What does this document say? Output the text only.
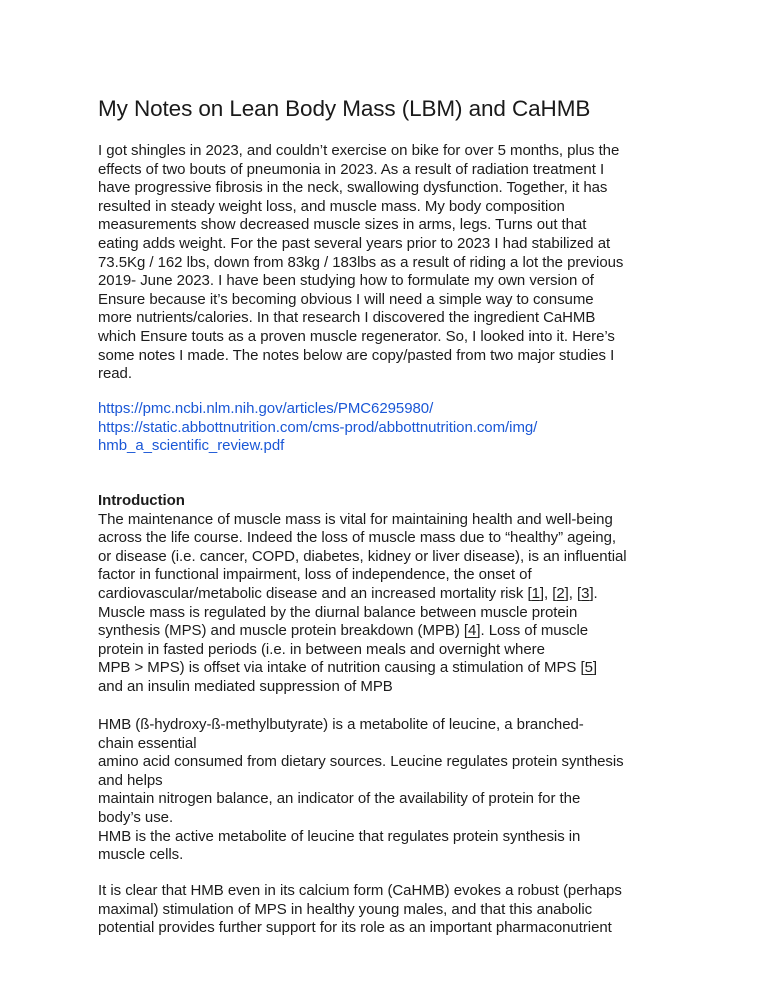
My Notes on Lean Body Mass (LBM) and CaHMB
I got shingles in 2023, and couldn’t exercise on bike for over 5 months, plus the
effects of two bouts of pneumonia in 2023. As a result of radiation treatment I
have progressive fibrosis in the neck, swallowing dysfunction. Together, it has
resulted in steady weight loss, and muscle mass. My body composition
measurements show decreased muscle sizes in arms, legs. Turns out that
eating adds weight. For the past several years prior to 2023 I had stabilized at
73.5Kg / 162 lbs, down from 83kg / 183lbs as a result of riding a lot the previous
2019- June 2023. I have been studying how to formulate my own version of
Ensure because it’s becoming obvious I will need a simple way to consume
more nutrients/calories. In that research I discovered the ingredient CaHMB
which Ensure touts as a proven muscle regenerator. So, I looked into it. Here’s
some notes I made. The notes below are copy/pasted from two major studies I
read.
https://pmc.ncbi.nlm.nih.gov/articles/PMC6295980/
https://static.abbottnutrition.com/cms-prod/abbottnutrition.com/img/
hmb_a_scientific_review.pdf
Introduction
The maintenance of muscle mass is vital for maintaining health and well-being
across the life course. Indeed the loss of muscle mass due to “healthy” ageing,
or disease (i.e. cancer, COPD, diabetes, kidney or liver disease), is an influential
factor in functional impairment, loss of independence, the onset of
cardiovascular/metabolic disease and an increased mortality risk [1], [2], [3].
Muscle mass is regulated by the diurnal balance between muscle protein
synthesis (MPS) and muscle protein breakdown (MPB) [4]. Loss of muscle
protein in fasted periods (i.e. in between meals and overnight where
MPB > MPS) is offset via intake of nutrition causing a stimulation of MPS [5]
and an insulin mediated suppression of MPB
HMB (ß-hydroxy-ß-methylbutyrate) is a metabolite of leucine, a branched-
chain essential
amino acid consumed from dietary sources. Leucine regulates protein synthesis
and helps
maintain nitrogen balance, an indicator of the availability of protein for the
body’s use.
HMB is the active metabolite of leucine that regulates protein synthesis in
muscle cells.
It is clear that HMB even in its calcium form (CaHMB) evokes a robust (perhaps
maximal) stimulation of MPS in healthy young males, and that this anabolic
potential provides further support for its role as an important pharmaconutrient
